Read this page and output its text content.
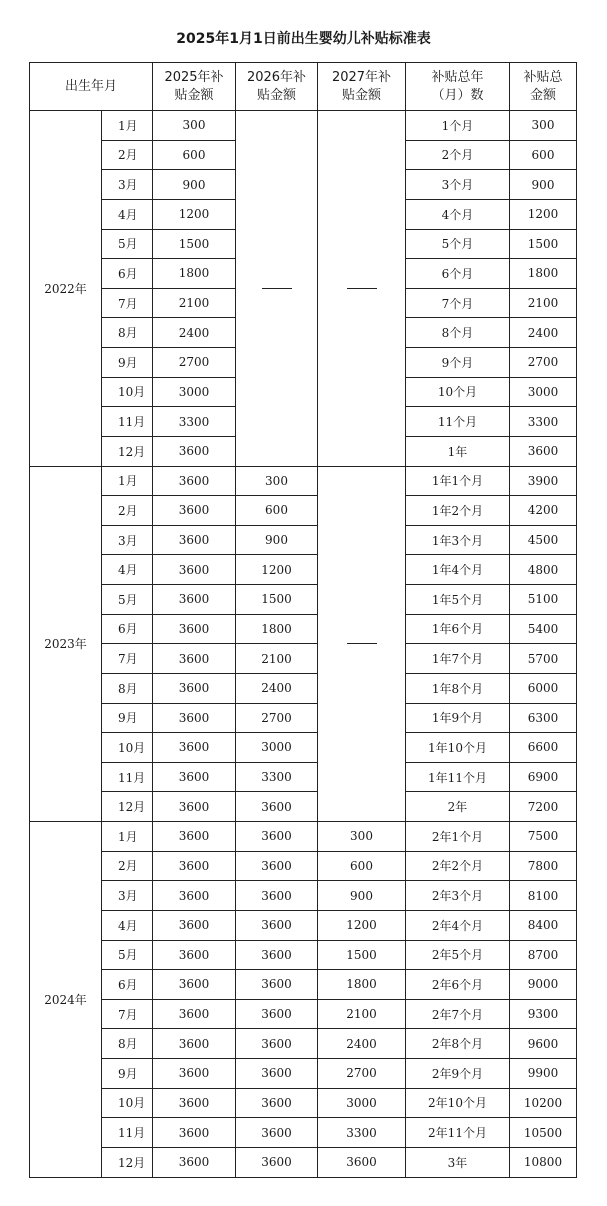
2025年1月1日前出生婴幼儿补贴标准表
出生年月		2025年补贴金额	2026年补贴金额	2027年补贴金额	补贴总年（月）数	补贴总金额
2022年	1月	300			1个月	300
	2月	600			2个月	600
	3月	900			3个月	900
	4月	1200			4个月	1200
	5月	1500			5个月	1500
	6月	1800			6个月	1800
	7月	2100			7个月	2100
	8月	2400			8个月	2400
	9月	2700			9个月	2700
	10月	3000			10个月	3000
	11月	3300			11个月	3300
	12月	3600			1年	3600
2023年	1月	3600	300		1年1个月	3900
	2月	3600	600		1年2个月	4200
	3月	3600	900		1年3个月	4500
	4月	3600	1200		1年4个月	4800
	5月	3600	1500		1年5个月	5100
	6月	3600	1800		1年6个月	5400
	7月	3600	2100		1年7个月	5700
	8月	3600	2400		1年8个月	6000
	9月	3600	2700		1年9个月	6300
	10月	3600	3000		1年10个月	6600
	11月	3600	3300		1年11个月	6900
	12月	3600	3600		2年	7200
2024年	1月	3600	3600	300	2年1个月	7500
	2月	3600	3600	600	2年2个月	7800
	3月	3600	3600	900	2年3个月	8100
	4月	3600	3600	1200	2年4个月	8400
	5月	3600	3600	1500	2年5个月	8700
	6月	3600	3600	1800	2年6个月	9000
	7月	3600	3600	2100	2年7个月	9300
	8月	3600	3600	2400	2年8个月	9600
	9月	3600	3600	2700	2年9个月	9900
	10月	3600	3600	3000	2年10个月	10200
	11月	3600	3600	3300	2年11个月	10500
	12月	3600	3600	3600	3年	10800
